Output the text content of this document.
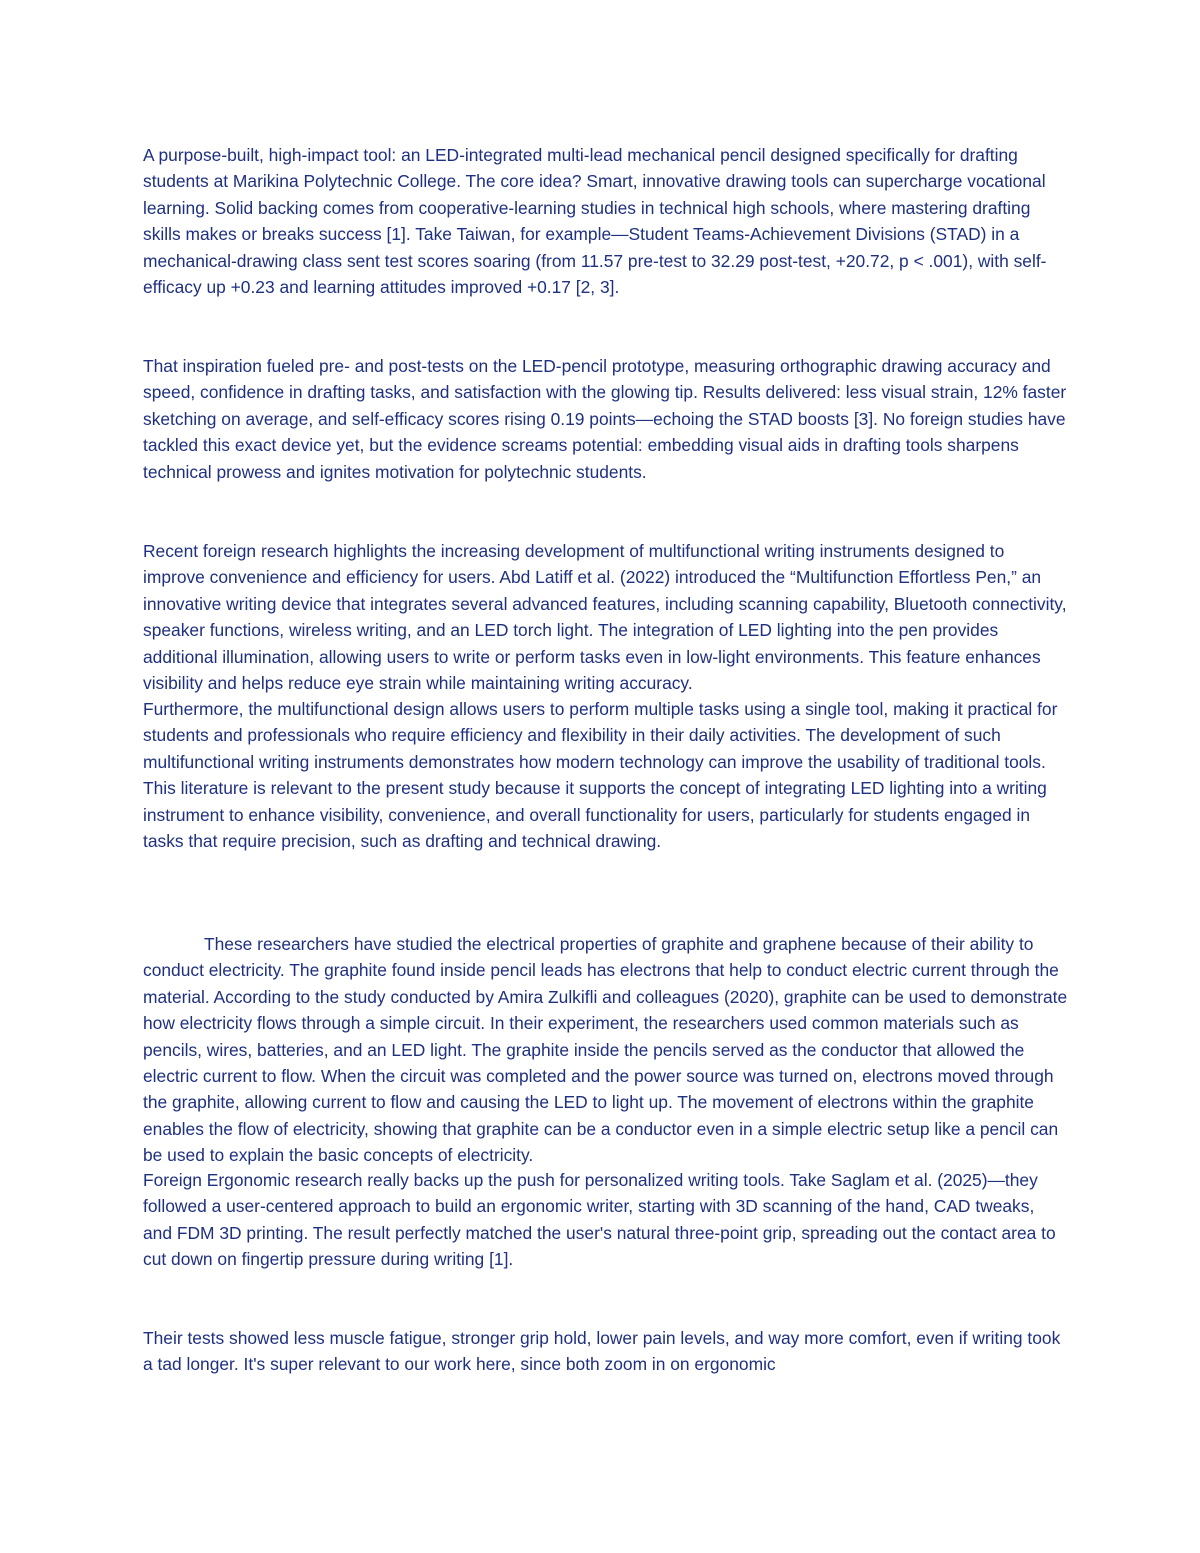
A purpose-built, high-impact tool: an LED-integrated multi-lead mechanical pencil designed specifically for drafting students at Marikina Polytechnic College. The core idea? Smart, innovative drawing tools can supercharge vocational learning. Solid backing comes from cooperative-learning studies in technical high schools, where mastering drafting skills makes or breaks success [1]. Take Taiwan, for example—Student Teams-Achievement Divisions (STAD) in a mechanical-drawing class sent test scores soaring (from 11.57 pre-test to 32.29 post-test, +20.72, p < .001), with self-efficacy up +0.23 and learning attitudes improved +0.17 [2, 3].

That inspiration fueled pre- and post-tests on the LED-pencil prototype, measuring orthographic drawing accuracy and speed, confidence in drafting tasks, and satisfaction with the glowing tip. Results delivered: less visual strain, 12% faster sketching on average, and self-efficacy scores rising 0.19 points—echoing the STAD boosts [3]. No foreign studies have tackled this exact device yet, but the evidence screams potential: embedding visual aids in drafting tools sharpens technical prowess and ignites motivation for polytechnic students.

Recent foreign research highlights the increasing development of multifunctional writing instruments designed to improve convenience and efficiency for users. Abd Latiff et al. (2022) introduced the “Multifunction Effortless Pen,” an innovative writing device that integrates several advanced features, including scanning capability, Bluetooth connectivity, speaker functions, wireless writing, and an LED torch light. The integration of LED lighting into the pen provides additional illumination, allowing users to write or perform tasks even in low-light environments. This feature enhances visibility and helps reduce eye strain while maintaining writing accuracy.

Furthermore, the multifunctional design allows users to perform multiple tasks using a single tool, making it practical for students and professionals who require efficiency and flexibility in their daily activities. The development of such multifunctional writing instruments demonstrates how modern technology can improve the usability of traditional tools. This literature is relevant to the present study because it supports the concept of integrating LED lighting into a writing instrument to enhance visibility, convenience, and overall functionality for users, particularly for students engaged in tasks that require precision, such as drafting and technical drawing.

These researchers have studied the electrical properties of graphite and graphene because of their ability to conduct electricity. The graphite found inside pencil leads has electrons that help to conduct electric current through the material. According to the study conducted by Amira Zulkifli and colleagues (2020), graphite can be used to demonstrate how electricity flows through a simple circuit. In their experiment, the researchers used common materials such as pencils, wires, batteries, and an LED light. The graphite inside the pencils served as the conductor that allowed the electric current to flow. When the circuit was completed and the power source was turned on, electrons moved through the graphite, allowing current to flow and causing the LED to light up. The movement of electrons within the graphite enables the flow of electricity, showing that graphite can be a conductor even in a simple electric setup like a pencil can be used to explain the basic concepts of electricity.

Foreign Ergonomic research really backs up the push for personalized writing tools. Take Saglam et al. (2025)—they followed a user-centered approach to build an ergonomic writer, starting with 3D scanning of the hand, CAD tweaks, and FDM 3D printing. The result perfectly matched the user's natural three-point grip, spreading out the contact area to cut down on fingertip pressure during writing [1].

Their tests showed less muscle fatigue, stronger grip hold, lower pain levels, and way more comfort, even if writing took a tad longer. It's super relevant to our work here, since both zoom in on ergonomic
